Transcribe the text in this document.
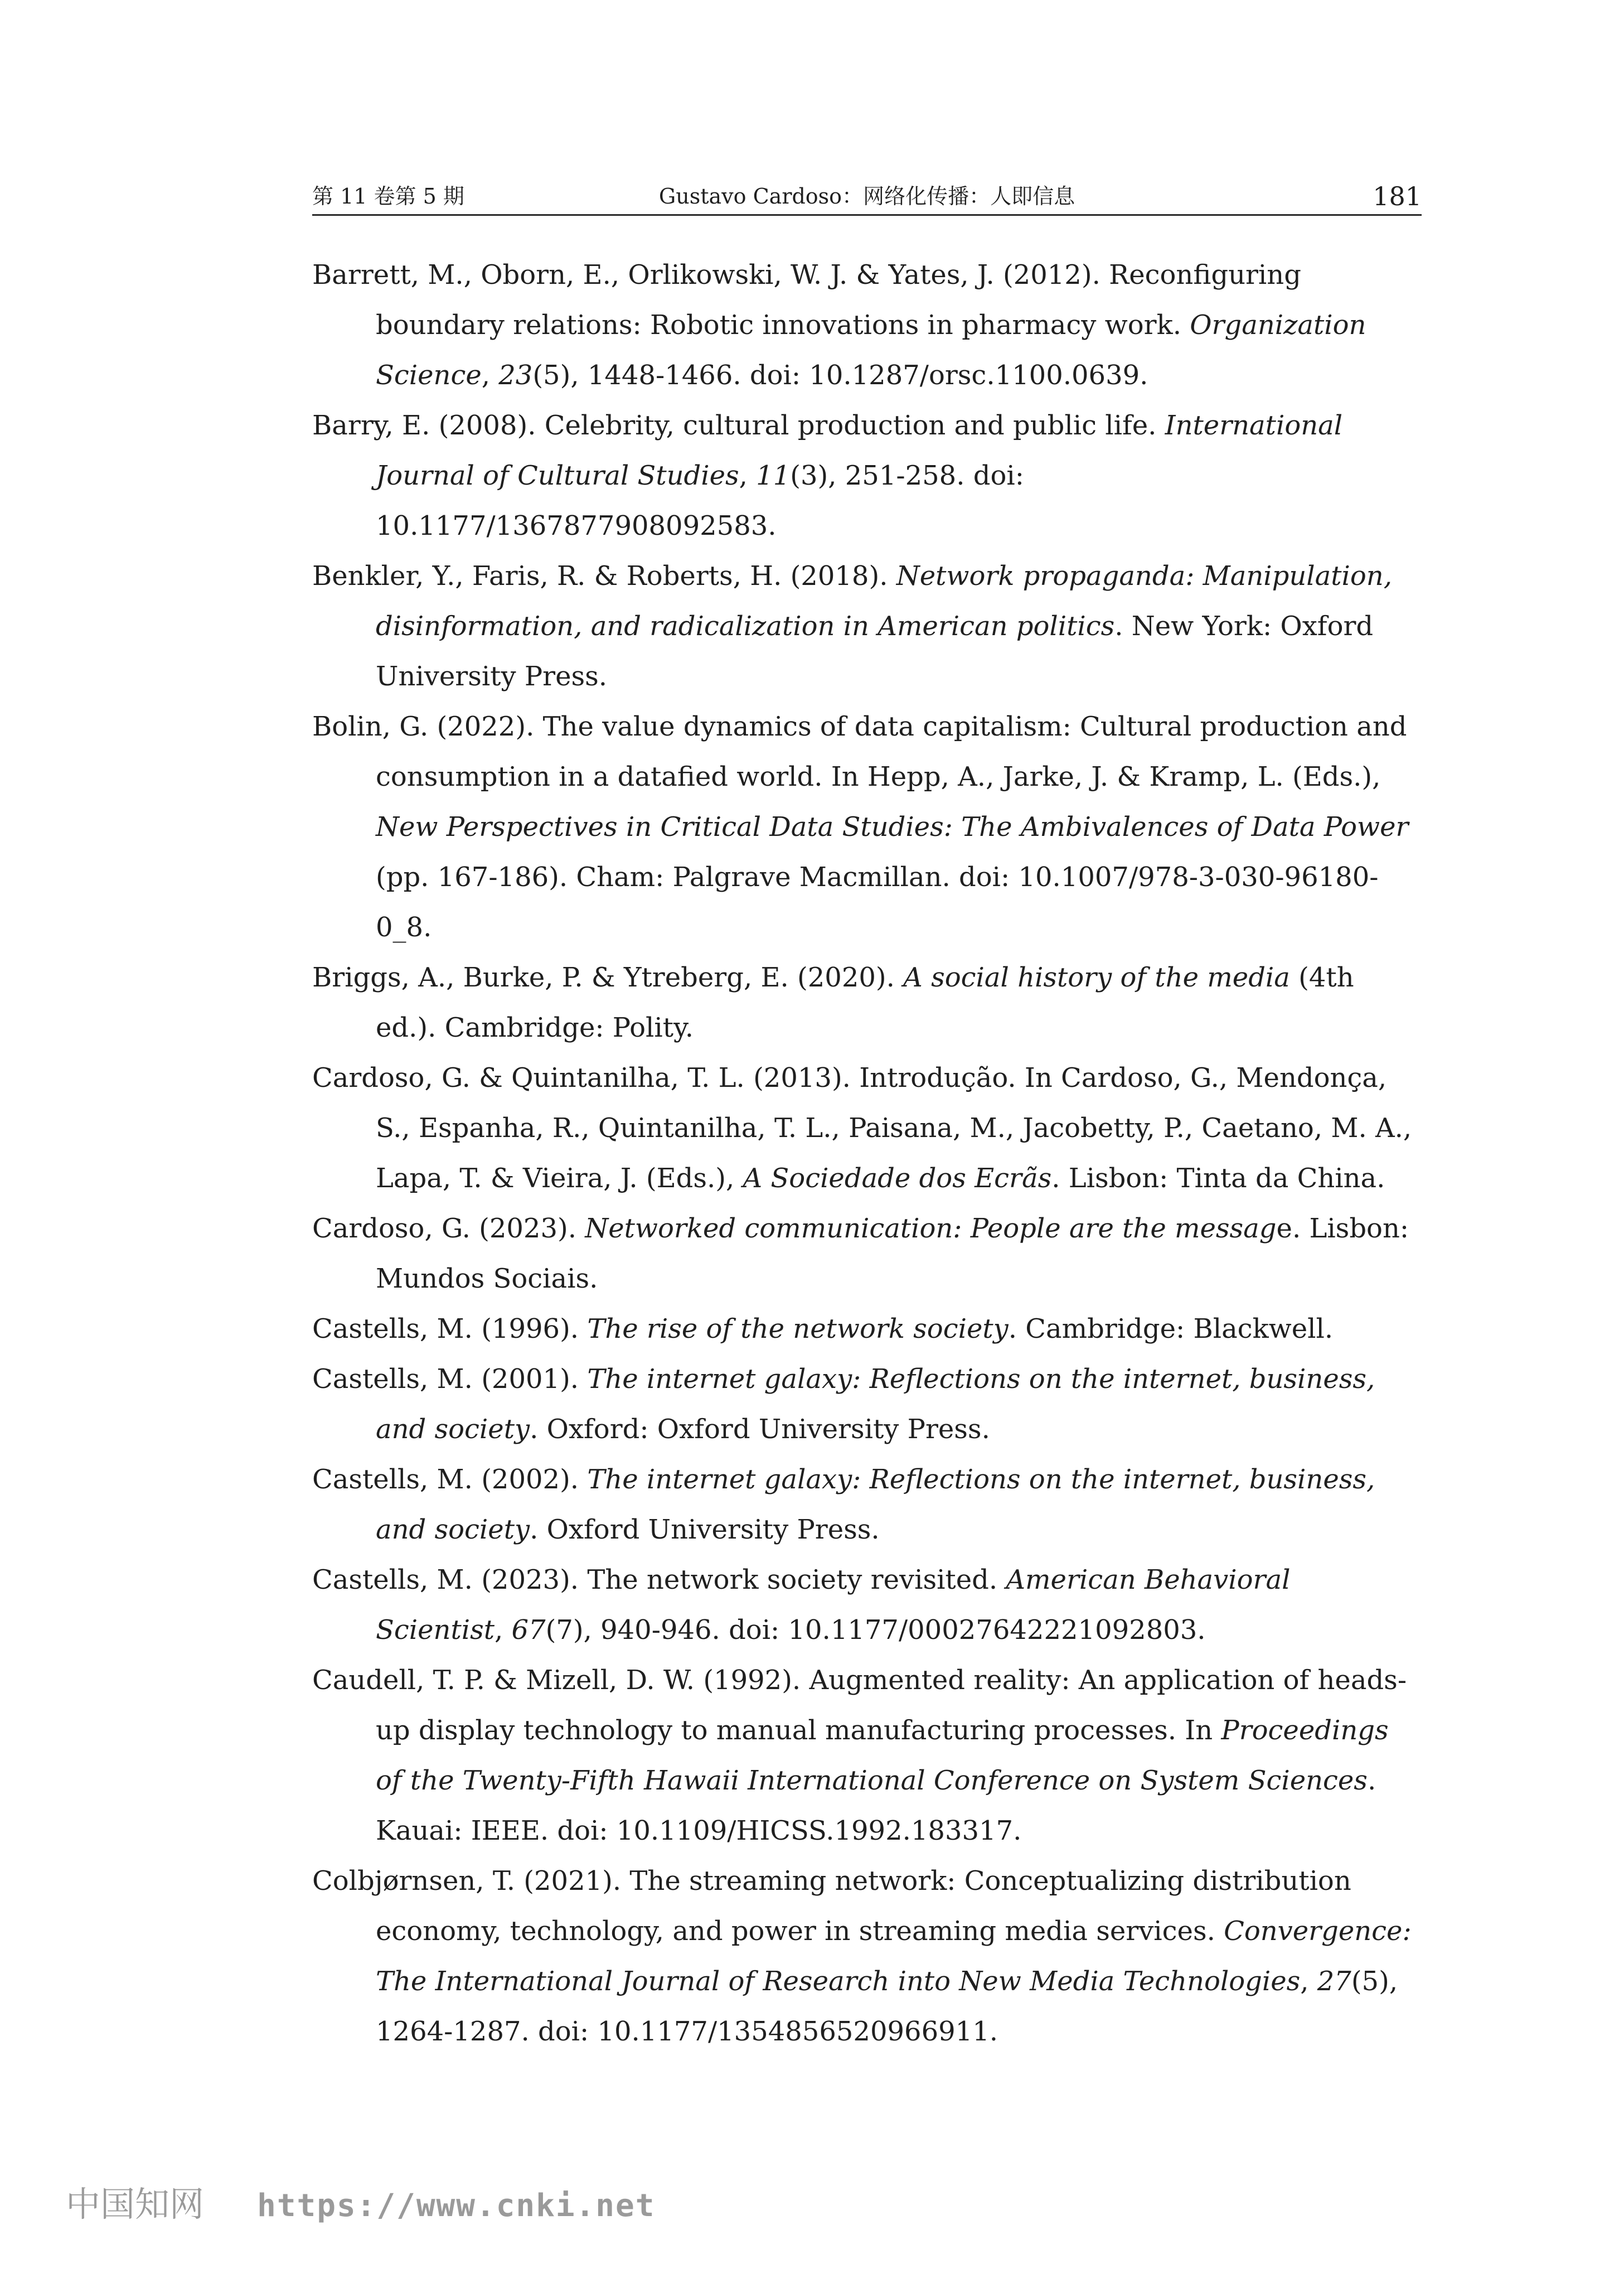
第 11 卷第 5 期	Gustavo Cardoso：网络化传播：人即信息	181

Barrett, M., Oborn, E., Orlikowski, W. J. & Yates, J. (2012). Reconfiguring boundary relations: Robotic innovations in pharmacy work. Organization Science, 23(5), 1448-1466. doi: 10.1287/orsc.1100.0639.

Barry, E. (2008). Celebrity, cultural production and public life. International Journal of Cultural Studies, 11(3), 251-258. doi: 10.1177/1367877908092583.

Benkler, Y., Faris, R. & Roberts, H. (2018). Network propaganda: Manipulation, disinformation, and radicalization in American politics. New York: Oxford University Press.

Bolin, G. (2022). The value dynamics of data capitalism: Cultural production and consumption in a datafied world. In Hepp, A., Jarke, J. & Kramp, L. (Eds.), New Perspectives in Critical Data Studies: The Ambivalences of Data Power (pp. 167-186). Cham: Palgrave Macmillan. doi: 10.1007/978-3-030-96180-0_8.

Briggs, A., Burke, P. & Ytreberg, E. (2020). A social history of the media (4th ed.). Cambridge: Polity.

Cardoso, G. & Quintanilha, T. L. (2013). Introdução. In Cardoso, G., Mendonça, S., Espanha, R., Quintanilha, T. L., Paisana, M., Jacobetty, P., Caetano, M. A., Lapa, T. & Vieira, J. (Eds.), A Sociedade dos Ecrãs. Lisbon: Tinta da China.

Cardoso, G. (2023). Networked communication: People are the message. Lisbon: Mundos Sociais.

Castells, M. (1996). The rise of the network society. Cambridge: Blackwell.

Castells, M. (2001). The internet galaxy: Reflections on the internet, business, and society. Oxford: Oxford University Press.

Castells, M. (2002). The internet galaxy: Reflections on the internet, business, and society. Oxford University Press.

Castells, M. (2023). The network society revisited. American Behavioral Scientist, 67(7), 940-946. doi: 10.1177/00027642221092803.

Caudell, T. P. & Mizell, D. W. (1992). Augmented reality: An application of heads-up display technology to manual manufacturing processes. In Proceedings of the Twenty-Fifth Hawaii International Conference on System Sciences. Kauai: IEEE. doi: 10.1109/HICSS.1992.183317.

Colbjørnsen, T. (2021). The streaming network: Conceptualizing distribution economy, technology, and power in streaming media services. Convergence: The International Journal of Research into New Media Technologies, 27(5), 1264-1287. doi: 10.1177/1354856520966911.

中国知网 https://www.cnki.net
